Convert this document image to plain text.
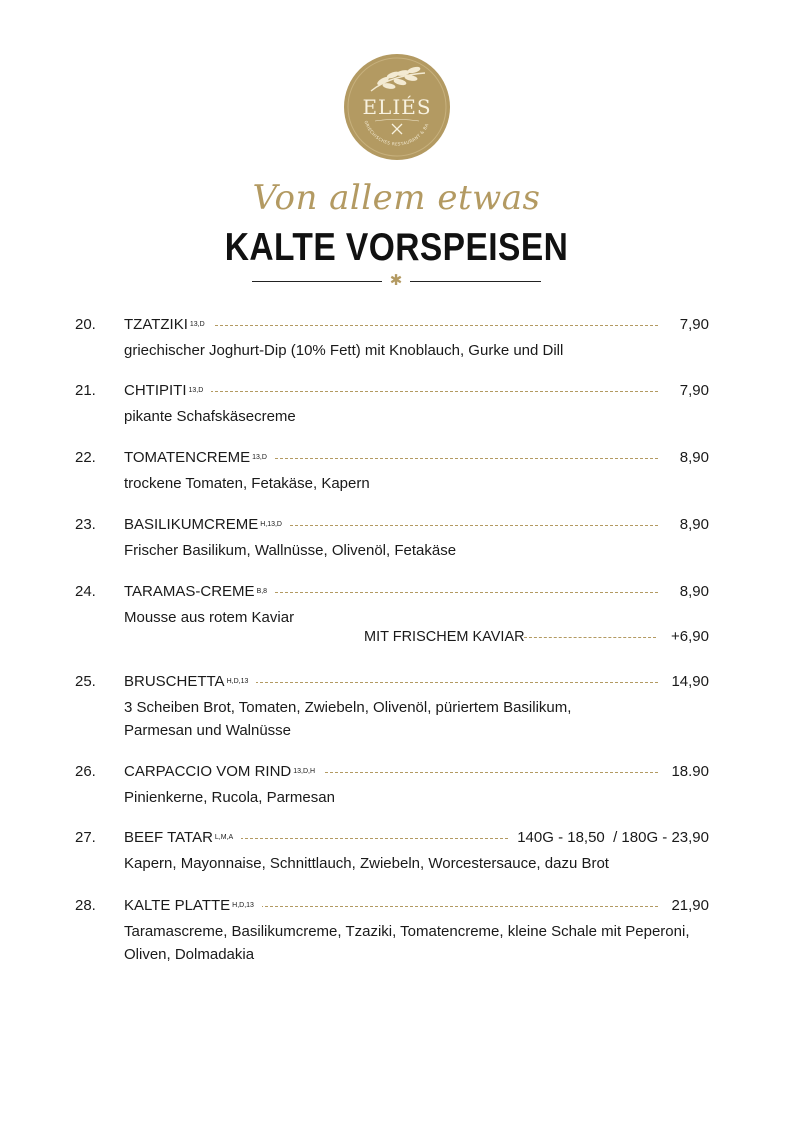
ELIÉS
GRIECHISCHES RESTAURANT & BA
Von allem etwas
KALTE VORSPEISEN
✱
20. TZATZIKI $^{13,D}$	7,90
griechischer Joghurt-Dip (10% Fett) mit Knoblauch, Gurke und Dill
21. CHTIPITI $^{13,D}$	7,90
pikante Schafskäsecreme
22. TOMATENCREME $^{13,D}$	8,90
trockene Tomaten, Fetakäse, Kapern
23. BASILIKUMCREME $^{H,13,D}$	8,90
Frischer Basilikum, Wallnüsse, Olivenöl, Fetakäse
24. TARAMAS-CREME $^{B,8}$	8,90
Mousse aus rotem Kaviar
MIT FRISCHEM KAVIAR	+6,90
25. BRUSCHETTA $^{H,D,13}$	14,90
3 Scheiben Brot, Tomaten, Zwiebeln, Olivenöl, püriertem Basilikum,
Parmesan und Walnüsse
26. CARPACCIO VOM RIND $^{13,D,H}$	18.90
Pinienkerne, Rucola, Parmesan
27. BEEF TATAR $^{L,M,A}$	140G - 18,50  / 180G - 23,90
Kapern, Mayonnaise, Schnittlauch, Zwiebeln, Worcestersauce, dazu Brot
28. KALTE PLATTE $^{H,D,13}$	21,90
Taramascreme, Basilikumcreme, Tzaziki, Tomatencreme, kleine Schale mit Peperoni,
Oliven, Dolmadakia
